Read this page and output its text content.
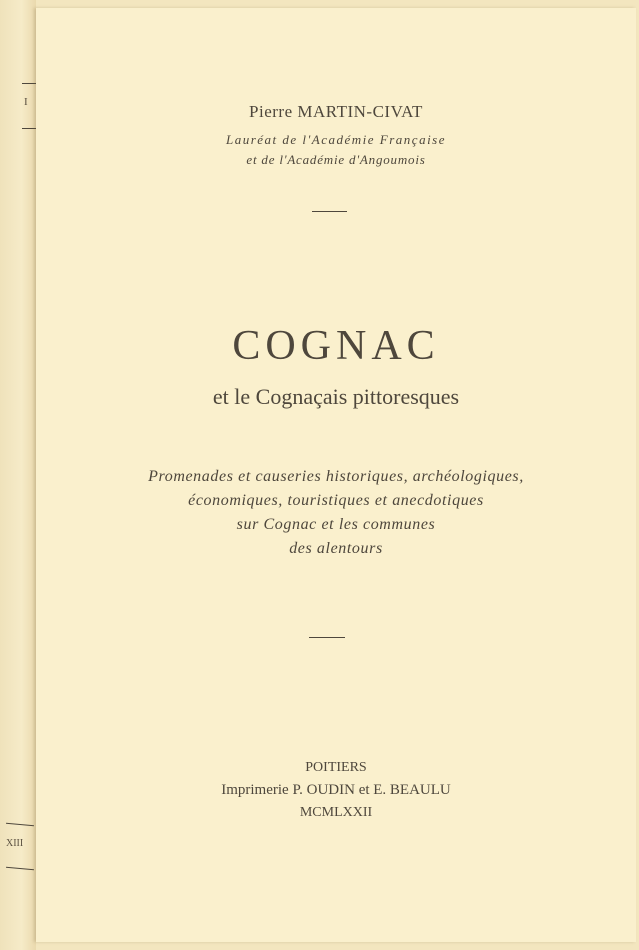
I
XIII
Pierre MARTIN-CIVAT
Lauréat de l'Académie Française
et de l'Académie d'Angoumois
COGNAC
et le Cognaçais pittoresques
Promenades et causeries historiques, archéologiques,
économiques, touristiques et anecdotiques
sur Cognac et les communes
des alentours
POITIERS
Imprimerie P. OUDIN et E. BEAULU
MCMLXXII
